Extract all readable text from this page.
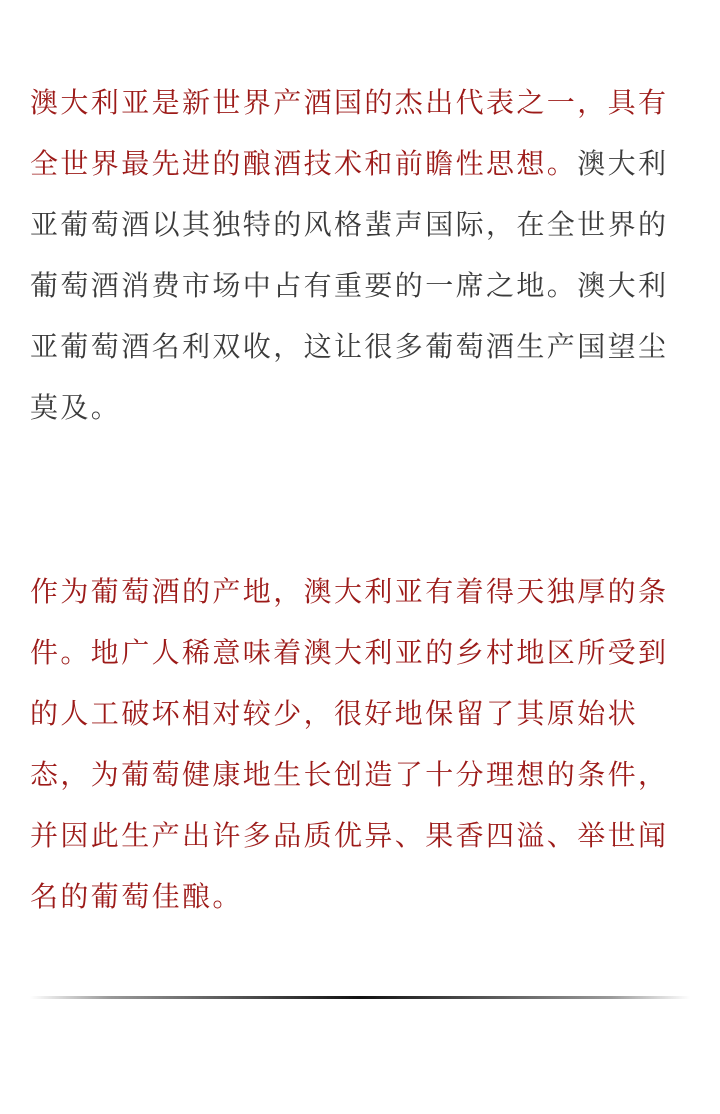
澳大利亚是新世界产酒国的杰出代表之一，具有
全世界最先进的酿酒技术和前瞻性思想。澳大利
亚葡萄酒以其独特的风格蜚声国际，在全世界的
葡萄酒消费市场中占有重要的一席之地。澳大利
亚葡萄酒名利双收，这让很多葡萄酒生产国望尘
莫及。
作为葡萄酒的产地，澳大利亚有着得天独厚的条
件。地广人稀意味着澳大利亚的乡村地区所受到
的人工破坏相对较少，很好地保留了其原始状
态，为葡萄健康地生长创造了十分理想的条件，
并因此生产出许多品质优异、果香四溢、举世闻
名的葡萄佳酿。
